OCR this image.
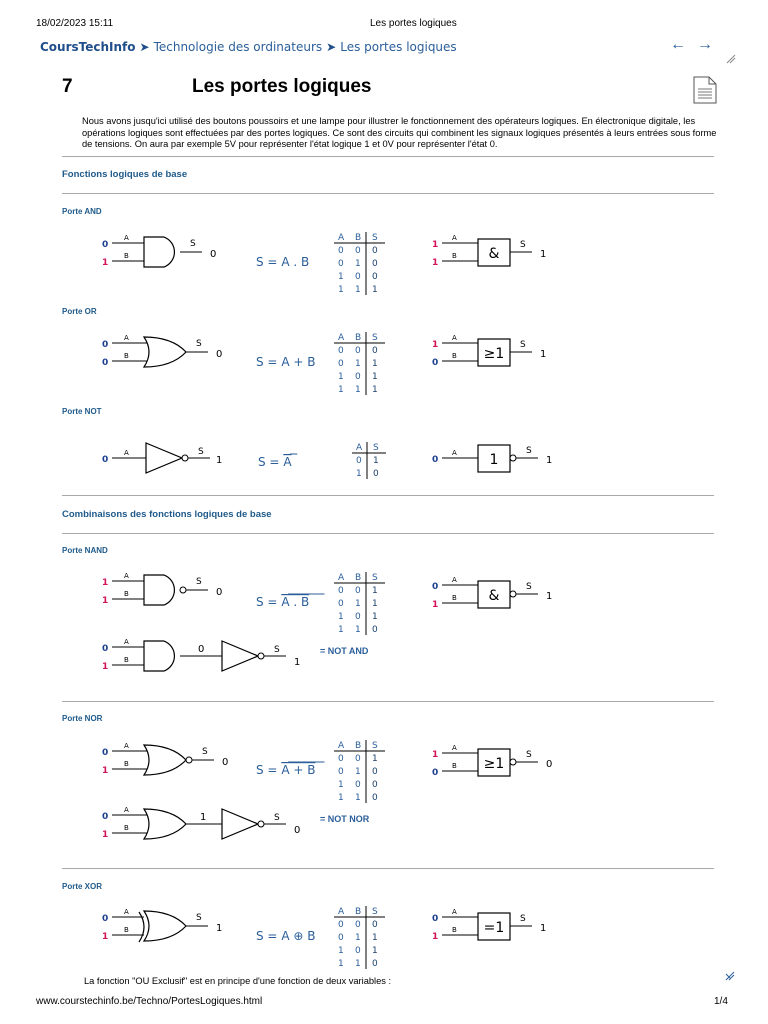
18/02/2023 15:11	Les portes logiques
CoursTechInfo ➤ Technologie des ordinateurs ➤ Les portes logiques	← →
7	Les portes logiques
Nous avons jusqu'ici utilisé des boutons poussoirs et une lampe pour illustrer le fonctionnement des opérateurs logiques. En électronique digitale, les opérations logiques sont effectuées par des portes logiques. Ce sont des circuits qui combinent les signaux logiques présentés à leurs entrées sous forme de tensions. On aura par exemple 5V pour représenter l'état logique 1 et 0V pour représenter l'état 0.
Fonctions logiques de base
Combinaisons des fonctions logiques de base
Porte AND
Porte OR
Porte NOT
Porte NAND
Porte NOR
Porte XOR
0
1
A
B
S
0
S = A . B
A B S
0 0 0
0 1 0
1 0 0
1 1 1
1
1
A
B &
S
1
0
0
A
B
S
0
S = A + B
A B S
0 0 0
0 1 1
1 0 1
1 1 1
1
0
A
B ≥1
S
1
0
A	S
1	S = A
A S
0 1
1 0
0
A 1
S
1
1
1
A
B
S
0
S = A . B
A B S
0 0 1
0 1 1
1 0 1
1 1 0
0
1
A
B &
S
1
0
1
A
B
0	S
1
= NOT AND
0
1
A
B
S
0
S = A + B
A B S
0 0 1
0 1 0
1 0 0
1 1 0
1
0
A
B ≥1
S
0
0
1
A
B
1	S
0
= NOT NOR
0
1
A
B
S
1
S = A ⊕ B
A B S
0 0 0
0 1 1
1 0 1
1 1 0
0
1
A
B =1
S
1
La fonction "OU Exclusif" est en principe d'une fonction de deux variables :
www.courstechinfo.be/Techno/PortesLogiques.html	1/4
